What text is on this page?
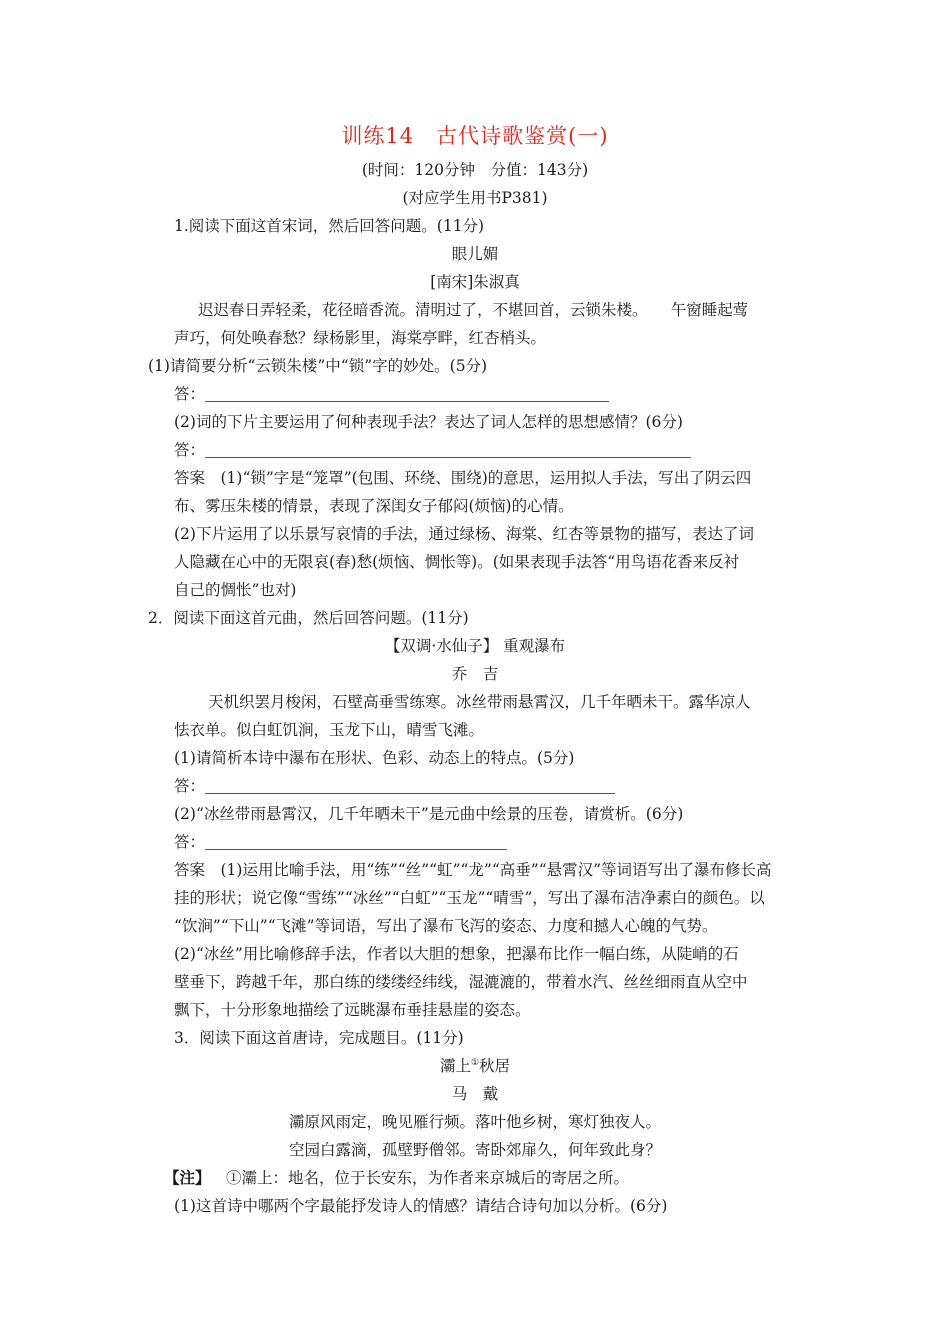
训练14　古代诗歌鉴赏(一)
(时间：120分钟　分值：143分)
(对应学生用书P381)
1.阅读下面这首宋词，然后回答问题。(11分)
眼儿媚
[南宋]朱淑真
迟迟春日弄轻柔，花径暗香流。清明过了，不堪回首，云锁朱楼。　　午窗睡起莺
声巧，何处唤春愁？绿杨影里，海棠亭畔，红杏梢头。
(1)请简要分析“云锁朱楼”中“锁”字的妙处。(5分)
答：
(2)词的下片主要运用了何种表现手法？表达了词人怎样的思想感情？(6分)
答：
答案　(1)“锁”字是“笼罩”(包围、环绕、围绕)的意思，运用拟人手法，写出了阴云四
布、雾压朱楼的情景，表现了深闺女子郁闷(烦恼)的心情。
(2)下片运用了以乐景写哀情的手法，通过绿杨、海棠、红杏等景物的描写，表达了词
人隐藏在心中的无限哀(春)愁(烦恼、惆怅等)。(如果表现手法答“用鸟语花香来反衬
自己的惆怅”也对)
2．阅读下面这首元曲，然后回答问题。(11分)
【双调·水仙子】 重观瀑布
乔　吉
天机织罢月梭闲，石壁高垂雪练寒。冰丝带雨悬霄汉，几千年晒未干。露华凉人
怯衣单。似白虹饥涧，玉龙下山，晴雪飞滩。
(1)请简析本诗中瀑布在形状、色彩、动态上的特点。(5分)
答：
(2)“冰丝带雨悬霄汉，几千年晒未干”是元曲中绘景的压卷，请赏析。(6分)
答：
答案　(1)运用比喻手法，用“练”“丝”“虹”“龙”“高垂”“悬霄汉”等词语写出了瀑布修长高
挂的形状；说它像“雪练”“冰丝”“白虹”“玉龙”“晴雪”，写出了瀑布洁净素白的颜色。以
“饮涧”“下山”“飞滩”等词语，写出了瀑布飞泻的姿态、力度和撼人心魄的气势。
(2)“冰丝”用比喻修辞手法，作者以大胆的想象，把瀑布比作一幅白练，从陡峭的石
壁垂下，跨越千年，那白练的缕缕经纬线，湿漉漉的，带着水汽、丝丝细雨直从空中
飘下，十分形象地描绘了远眺瀑布垂挂悬崖的姿态。
3．阅读下面这首唐诗，完成题目。(11分)
灞上①秋居
马　戴
灞原风雨定，晚见雁行频。落叶他乡树，寒灯独夜人。
空园白露滴，孤壁野僧邻。寄卧郊扉久，何年致此身？
【注】  ①灞上：地名，位于长安东，为作者来京城后的寄居之所。
(1)这首诗中哪两个字最能抒发诗人的情感？请结合诗句加以分析。(6分)
